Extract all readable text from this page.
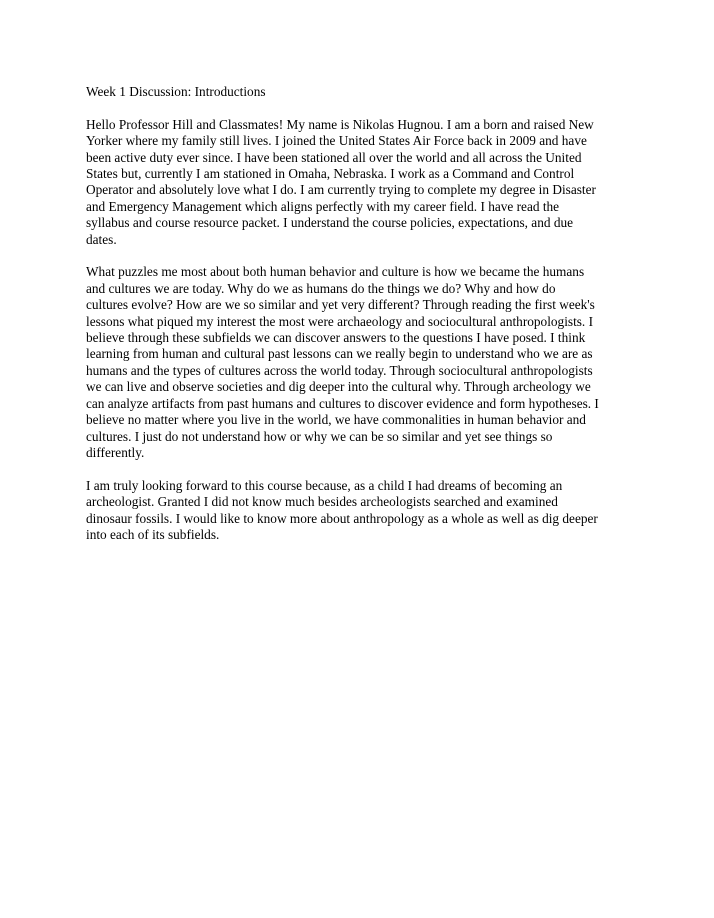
Week 1 Discussion: Introductions

Hello Professor Hill and Classmates! My name is Nikolas Hugnou. I am a born and raised New
Yorker where my family still lives. I joined the United States Air Force back in 2009 and have
been active duty ever since. I have been stationed all over the world and all across the United
States but, currently I am stationed in Omaha, Nebraska. I work as a Command and Control
Operator and absolutely love what I do. I am currently trying to complete my degree in Disaster
and Emergency Management which aligns perfectly with my career field. I have read the
syllabus and course resource packet. I understand the course policies, expectations, and due
dates.

What puzzles me most about both human behavior and culture is how we became the humans
and cultures we are today. Why do we as humans do the things we do? Why and how do
cultures evolve? How are we so similar and yet very different? Through reading the first week's
lessons what piqued my interest the most were archaeology and sociocultural anthropologists. I
believe through these subfields we can discover answers to the questions I have posed. I think
learning from human and cultural past lessons can we really begin to understand who we are as
humans and the types of cultures across the world today. Through sociocultural anthropologists
we can live and observe societies and dig deeper into the cultural why. Through archeology we
can analyze artifacts from past humans and cultures to discover evidence and form hypotheses. I
believe no matter where you live in the world, we have commonalities in human behavior and
cultures. I just do not understand how or why we can be so similar and yet see things so
differently.

I am truly looking forward to this course because, as a child I had dreams of becoming an
archeologist. Granted I did not know much besides archeologists searched and examined
dinosaur fossils. I would like to know more about anthropology as a whole as well as dig deeper
into each of its subfields.
